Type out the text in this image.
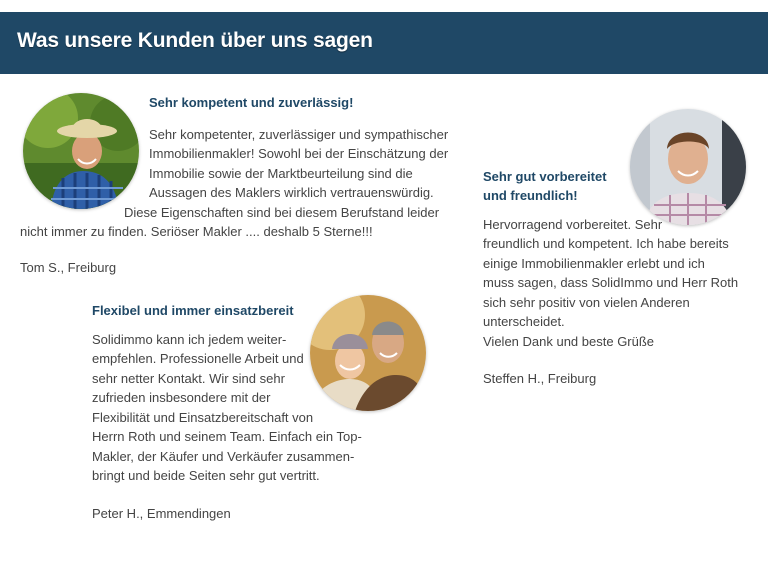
Was unsere Kunden über uns sagen

Sehr kompetent und zuverlässig!

Sehr kompetenter, zuverlässiger und sympathischer

Immobilienmakler! Sowohl bei der Einschätzung der

Immobilie sowie der Marktbeurteilung sind die

Aussagen des Maklers wirklich vertrauenswürdig.

Diese Eigenschaften sind bei diesem Berufstand leider

nicht immer zu finden. Seriöser Makler .... deshalb 5 Sterne!!!

Tom S., Freiburg

Flexibel und immer einsatzbereit

Solidimmo kann ich jedem weiter-

empfehlen. Professionelle Arbeit und

sehr netter Kontakt. Wir sind sehr

zufrieden insbesondere mit der

Flexibilität und Einsatzbereitschaft von

Herrn Roth und seinem Team. Einfach ein Top-

Makler, der Käufer und Verkäufer zusammen-

bringt und beide Seiten sehr gut vertritt.

Peter H., Emmendingen

Sehr gut vorbereitet

und freundlich!

Hervorragend vorbereitet. Sehr

freundlich und kompetent. Ich habe bereits

einige Immobilienmakler erlebt und ich

muss sagen, dass SolidImmo und Herr Roth

sich sehr positiv von vielen Anderen

unterscheidet.

Vielen Dank und beste Grüße

Steffen H., Freiburg
